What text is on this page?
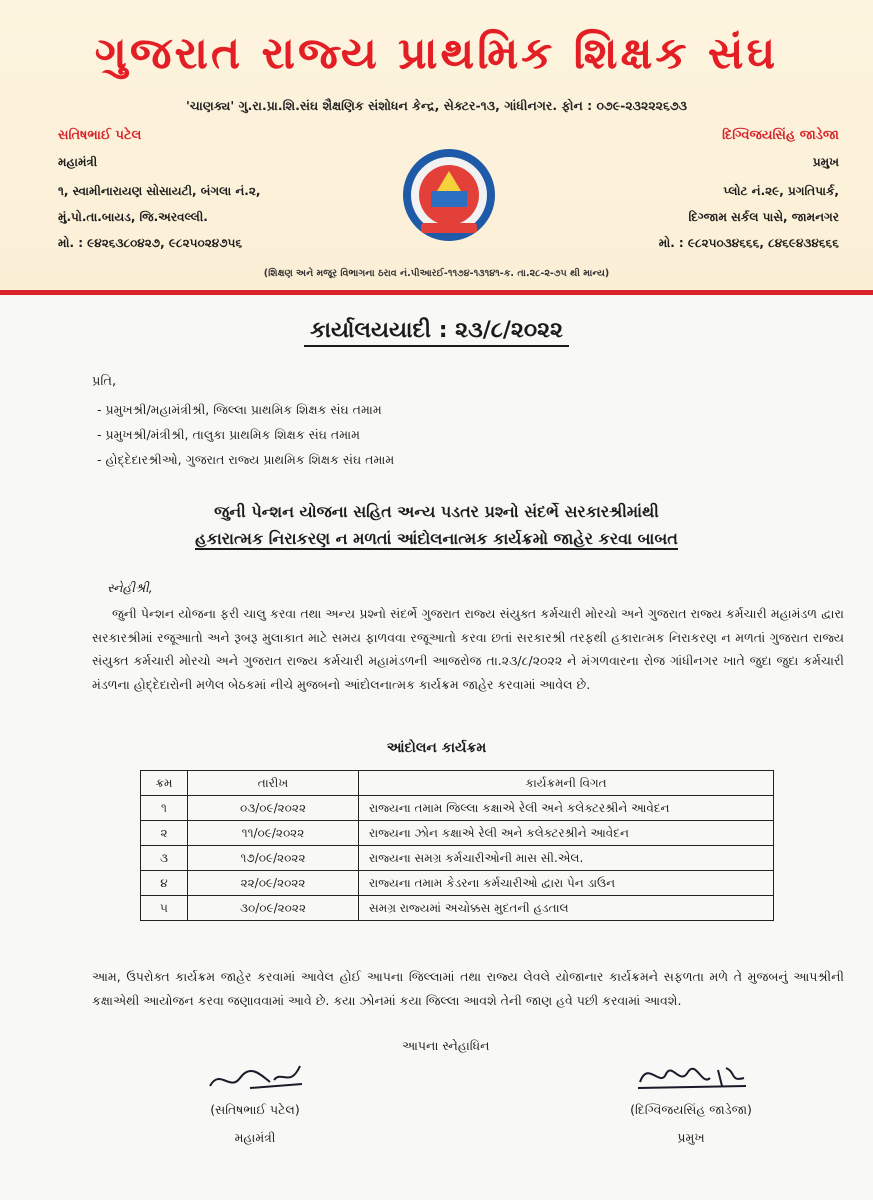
ગુજરાત રાજ્ય પ્રાથમિક શિક્ષક સંઘ
'ચાણક્ય' ગુ.રા.પ્રા.શિ.સંઘ શૈક્ષણિક સંશોધન કેન્દ્ર, સેક્ટર-૧૩, ગાંધીનગર. ફોન : ૦૭૯-૨૩૨૨૨૬૭૩
સતિષભાઈ પટેલ
મહામંત્રી
૧, સ્વામીનારાયણ સોસાયટી, બંગલા નં.૨,
મું.પો.તા.બાયડ, જિ.અરવલ્લી.
મો. : ૯૪૨૬૩૮૦૪૨૭, ૯૮૨૫૦૨૪૭૫૬
દિગ્વિજયસિંહ જાડેજા
પ્રમુખ
પ્લોટ નં.૨૯, પ્રગતિપાર્ક,
દિગ્જામ સર્કલ પાસે, જામનગર
મો. : ૯૮૨૫૦૩૪૬૬૬, ૮૪૬૯૪૩૪૬૬૬
(શિક્ષણ અને મજૂર વિભાગના ઠરાવ નં.પીઆરઈ-૧૧૭૪-૧૩૧૪૧-ક. તા.૨૮-૨-૭૫ થી માન્ય)
કાર્યાલયયાદી : ૨૩/૮/૨૦૨૨
પ્રતિ,
- પ્રમુખશ્રી/મહામંત્રીશ્રી, જિલ્લા પ્રાથમિક શિક્ષક સંઘ તમામ
- પ્રમુખશ્રી/મંત્રીશ્રી, તાલુકા પ્રાથમિક શિક્ષક સંઘ તમામ
- હોદ્દેદારશ્રીઓ, ગુજરાત રાજ્ય પ્રાથમિક શિક્ષક સંઘ તમામ
જુની પેન્શન યોજના સહિત અન્ય પડતર પ્રશ્નો સંદર્ભે સરકારશ્રીમાંથી
હકારાત્મક નિરાકરણ ન મળતાં આંદોલનાત્મક કાર્યક્રમો જાહેર કરવા બાબત
સ્નેહીશ્રી,
જુની પેન્શન યોજના ફરી ચાલુ કરવા તથા અન્ય પ્રશ્નો સંદર્ભે ગુજરાત રાજ્ય સંયુક્ત કર્મચારી મોરચો અને ગુજરાત રાજ્ય કર્મચારી મહામંડળ દ્વારા સરકારશ્રીમાં રજૂઆતો અને રૂબરૂ મુલાકાત માટે સમય ફાળવવા રજૂઆતો કરવા છતાં સરકારશ્રી તરફથી હકારાત્મક નિરાકરણ ન મળતાં ગુજરાત રાજ્ય સંયુક્ત કર્મચારી મોરચો અને ગુજરાત રાજ્ય કર્મચારી મહામંડળની આજરોજ તા.૨૩/૮/૨૦૨૨ ને મંગળવારના રોજ ગાંધીનગર ખાતે જુદા જુદા કર્મચારી મંડળના હોદ્દેદારોની મળેલ બેઠકમાં નીચે મુજબનો આંદોલનાત્મક કાર્યક્રમ જાહેર કરવામાં આવેલ છે.
આંદોલન કાર્યક્રમ
ક્રમ	તારીખ	કાર્યક્રમની વિગત
૧	૦૩/૦૯/૨૦૨૨	રાજ્યના તમામ જિલ્લા કક્ષાએ રેલી અને કલેક્ટરશ્રીને આવેદન
૨	૧૧/૦૯/૨૦૨૨	રાજ્યના ઝોન કક્ષાએ રેલી અને કલેક્ટરશ્રીને આવેદન
૩	૧૭/૦૯/૨૦૨૨	રાજ્યના સમગ્ર કર્મચારીઓની માસ સી.એલ.
૪	૨૨/૦૯/૨૦૨૨	રાજ્યના તમામ કેડરના કર્મચારીઓ દ્વારા પેન ડાઉન
૫	૩૦/૦૯/૨૦૨૨	સમગ્ર રાજ્યમાં અચોક્કસ મુદતની હડતાલ
આમ, ઉપરોક્ત કાર્યક્રમ જાહેર કરવામાં આવેલ હોઈ આપના જિલ્લામાં તથા રાજ્ય લેવલે યોજાનાર કાર્યક્રમને સફળતા મળે તે મુજબનું આપશ્રીની કક્ષાએથી આયોજન કરવા જણાવવામાં આવે છે. કયા ઝોનમાં કયા જિલ્લા આવશે તેની જાણ હવે પછી કરવામાં આવશે.
આપના સ્નેહાધિન
(સતિષભાઈ પટેલ)
મહામંત્રી
(દિગ્વિજયસિંહ જાડેજા)
પ્રમુખ
